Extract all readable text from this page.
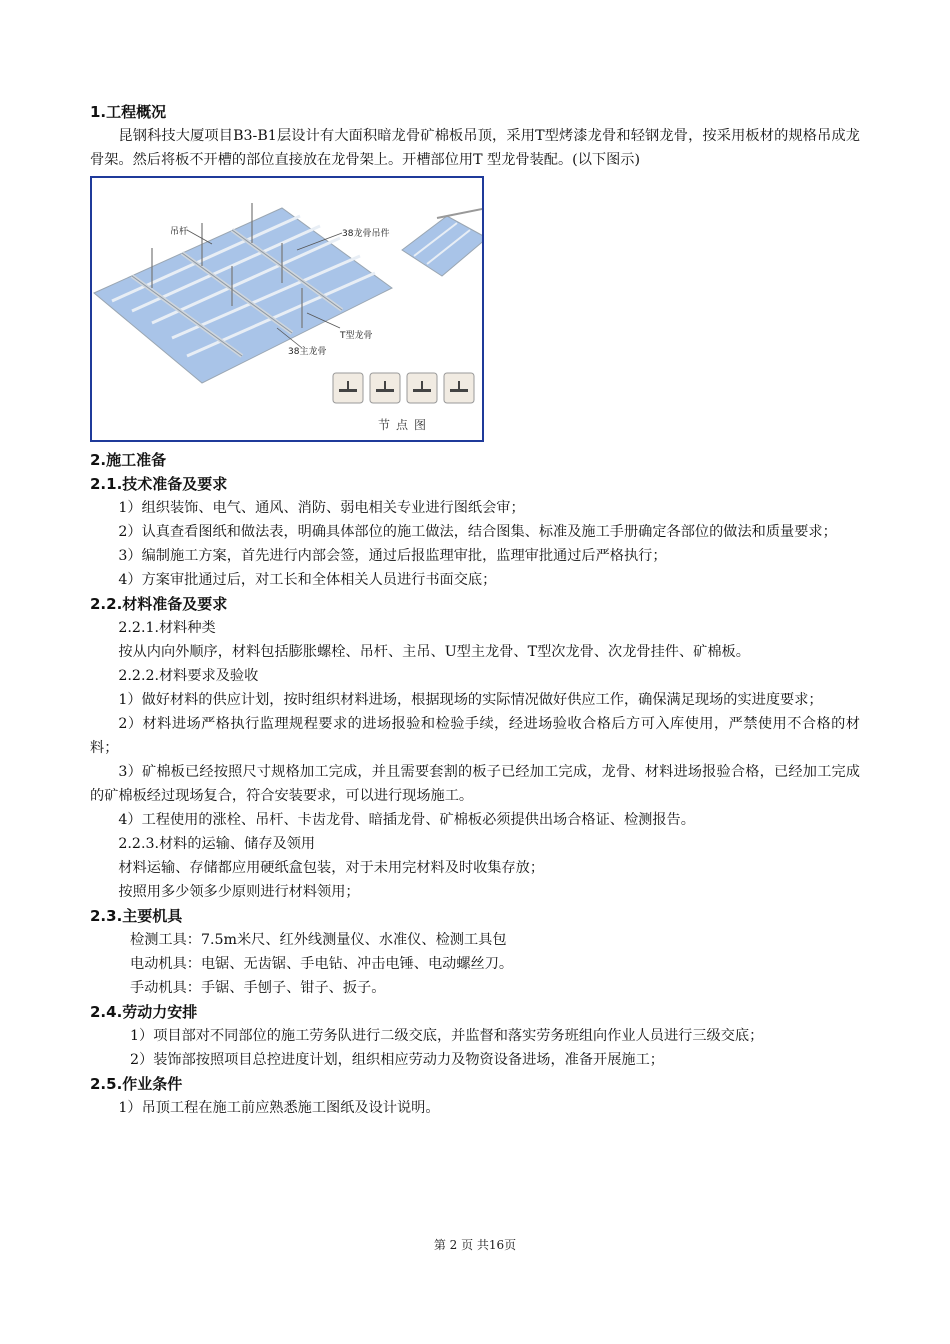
1.工程概况

昆钢科技大厦项目B3-B1层设计有大面积暗龙骨矿棉板吊顶，采用T型烤漆龙骨和轻钢龙骨，按采用板材的规格吊成龙骨架。然后将板不开槽的部位直接放在龙骨架上。开槽部位用T 型龙骨装配。(以下图示)

吊杆	38龙骨吊件
T型龙骨
38主龙骨
节点图

2.施工准备

2.1.技术准备及要求

1）组织装饰、电气、通风、消防、弱电相关专业进行图纸会审；

2）认真查看图纸和做法表，明确具体部位的施工做法，结合图集、标准及施工手册确定各部位的做法和质量要求；

3）编制施工方案，首先进行内部会签，通过后报监理审批，监理审批通过后严格执行；

4）方案审批通过后，对工长和全体相关人员进行书面交底；

2.2.材料准备及要求

2.2.1.材料种类

按从内向外顺序，材料包括膨胀螺栓、吊杆、主吊、U型主龙骨、T型次龙骨、次龙骨挂件、矿棉板。

2.2.2.材料要求及验收

1）做好材料的供应计划，按时组织材料进场，根据现场的实际情况做好供应工作，确保满足现场的实进度要求；

2）材料进场严格执行监理规程要求的进场报验和检验手续，经进场验收合格后方可入库使用，严禁使用不合格的材料；

3）矿棉板已经按照尺寸规格加工完成，并且需要套割的板子已经加工完成，龙骨、材料进场报验合格，已经加工完成的矿棉板经过现场复合，符合安装要求，可以进行现场施工。

4）工程使用的涨栓、吊杆、卡齿龙骨、暗插龙骨、矿棉板必须提供出场合格证、检测报告。

2.2.3.材料的运输、储存及领用

材料运输、存储都应用硬纸盒包装，对于未用完材料及时收集存放；

按照用多少领多少原则进行材料领用；

2.3.主要机具

检测工具：7.5m米尺、红外线测量仪、水准仪、检测工具包

电动机具：电锯、无齿锯、手电钻、冲击电锤、电动螺丝刀。

手动机具：手锯、手刨子、钳子、扳子。

2.4.劳动力安排

1）项目部对不同部位的施工劳务队进行二级交底，并监督和落实劳务班组向作业人员进行三级交底；

2）装饰部按照项目总控进度计划，组织相应劳动力及物资设备进场，准备开展施工；

2.5.作业条件

1）吊顶工程在施工前应熟悉施工图纸及设计说明。

第 2 页 共16页
